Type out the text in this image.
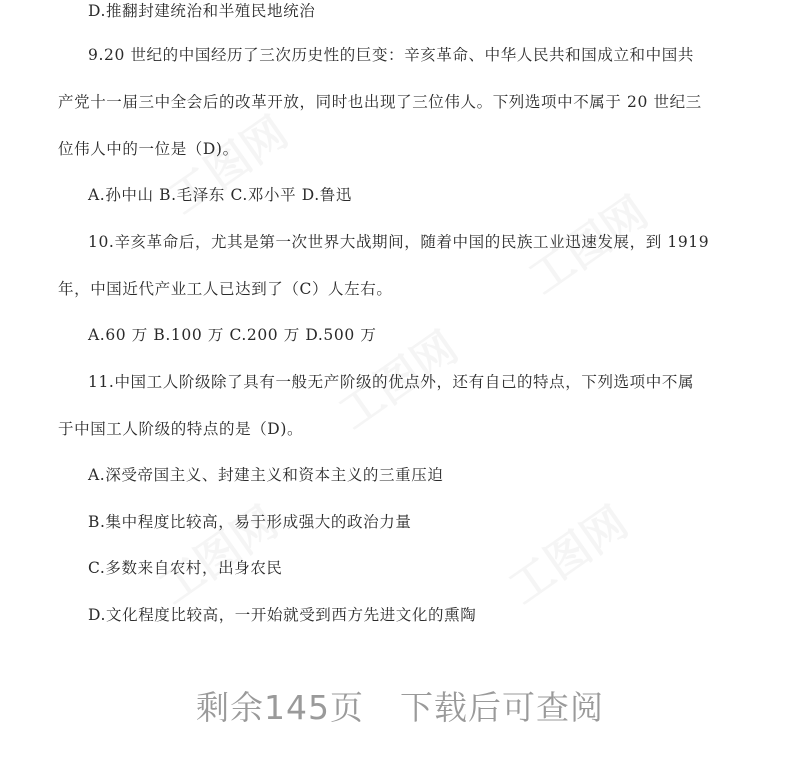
D.推翻封建统治和半殖民地统治
9.20 世纪的中国经历了三次历史性的巨变：辛亥革命、中华人民共和国成立和中国共
产党十一届三中全会后的改革开放，同时也出现了三位伟人。下列选项中不属于 20 世纪三
位伟人中的一位是（D)。
A.孙中山 B.毛泽东 C.邓小平 D.鲁迅
10.辛亥革命后，尤其是第一次世界大战期间，随着中国的民族工业迅速发展，到 1919
年，中国近代产业工人已达到了（C）人左右。
A.60 万 B.100 万 C.200 万 D.500 万
11.中国工人阶级除了具有一般无产阶级的优点外，还有自己的特点，下列选项中不属
于中国工人阶级的特点的是（D)。
A.深受帝国主义、封建主义和资本主义的三重压迫
B.集中程度比较高，易于形成强大的政治力量
C.多数来自农村，出身农民
D.文化程度比较高，一开始就受到西方先进文化的熏陶
剩余145页 下载后可查阅
